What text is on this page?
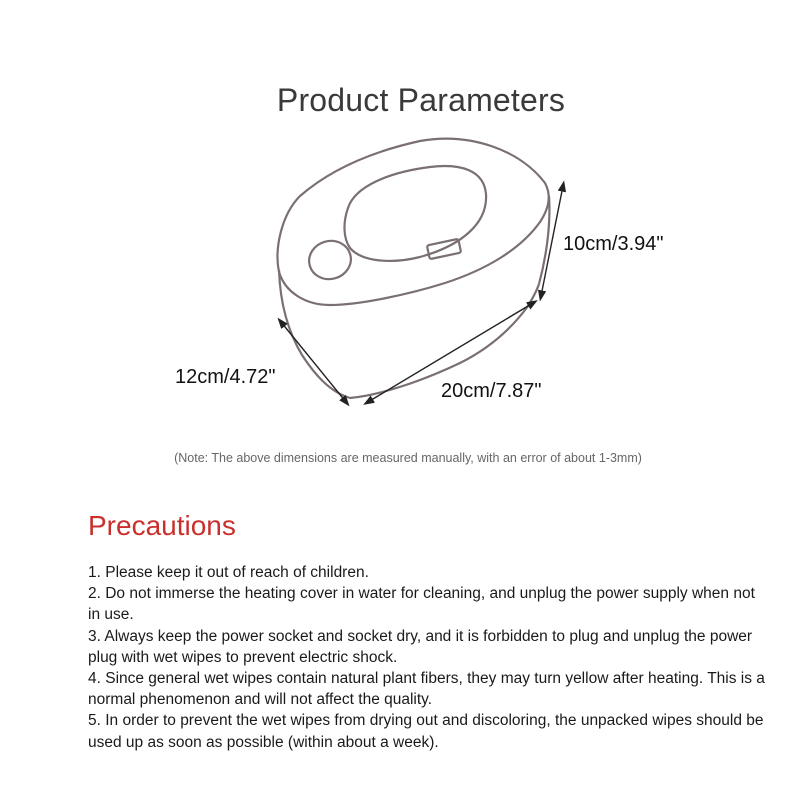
Product Parameters
10cm/3.94"
12cm/4.72"
20cm/7.87"
(Note: The above dimensions are measured manually, with an error of about 1-3mm)
Precautions
1. Please keep it out of reach of children.
2. Do not immerse the heating cover in water for cleaning, and unplug the power supply when not in use.
3. Always keep the power socket and socket dry, and it is forbidden to plug and unplug the power plug with wet wipes to prevent electric shock.
4. Since general wet wipes contain natural plant fibers, they may turn yellow after heating. This is a normal phenomenon and will not affect the quality.
5. In order to prevent the wet wipes from drying out and discoloring, the unpacked wipes should be used up as soon as possible (within about a week).
